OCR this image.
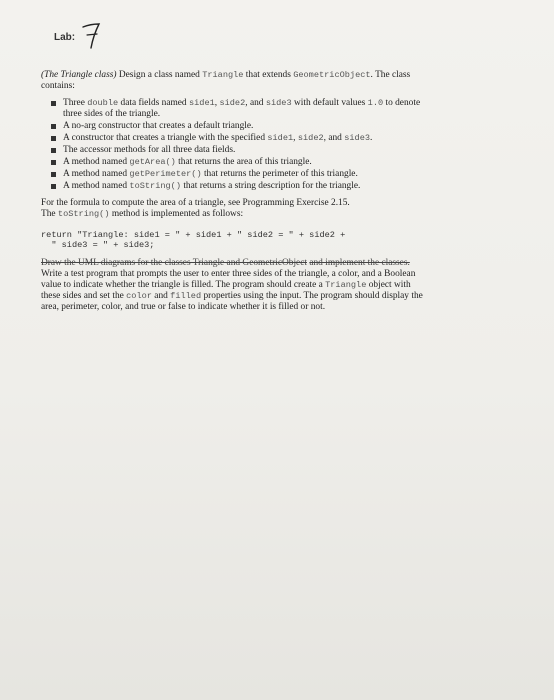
Lab:

(The Triangle class) Design a class named Triangle that extends GeometricObject. The class contains:

Three double data fields named side1, side2, and side3 with default values 1.0 to denote three sides of the triangle.
A no-arg constructor that creates a default triangle.
A constructor that creates a triangle with the specified side1, side2, and side3.
The accessor methods for all three data fields.
A method named getArea() that returns the area of this triangle.
A method named getPerimeter() that returns the perimeter of this triangle.
A method named toString() that returns a string description for the triangle.

For the formula to compute the area of a triangle, see Programming Exercise 2.15.

The toString() method is implemented as follows:

return "Triangle: side1 = " + side1 + " side2 = " + side2 +
" side3 = " + side3;

Draw the UML diagrams for the classes Triangle and GeometricObject and implement the classes. Write a test program that prompts the user to enter three sides of the triangle, a color, and a Boolean value to indicate whether the triangle is filled. The program should create a Triangle object with these sides and set the color and filled properties using the input. The program should display the area, perimeter, color, and true or false to indicate whether it is filled or not.
